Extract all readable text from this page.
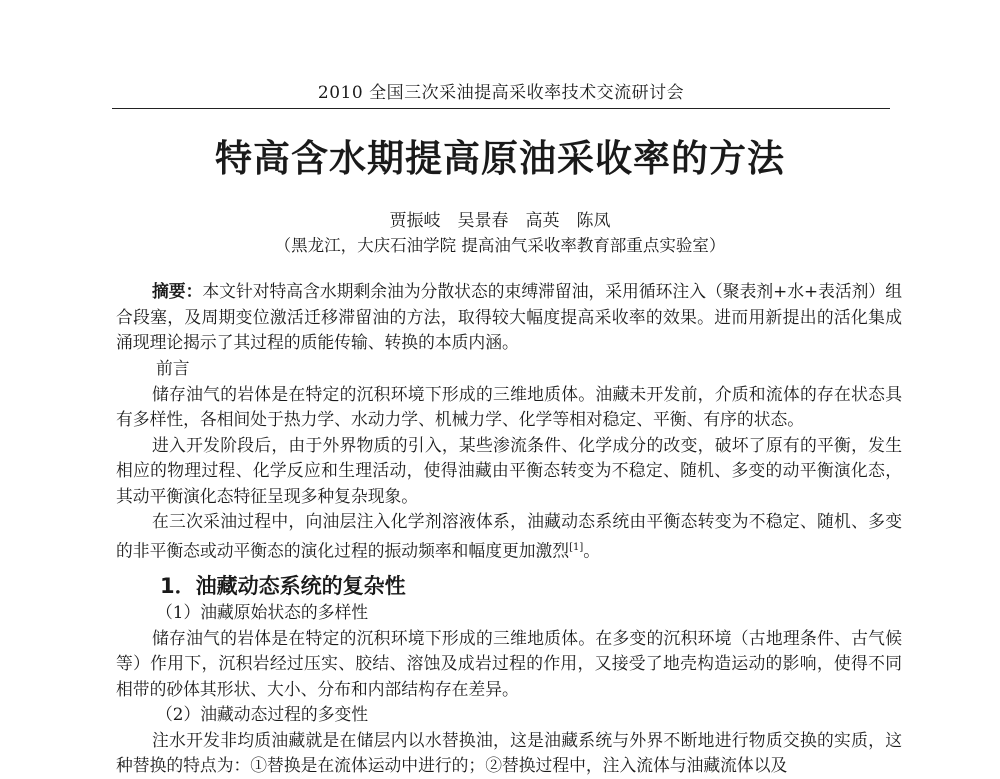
2010 全国三次采油提高采收率技术交流研讨会
特高含水期提高原油采收率的方法
贾振岐　吴景春　高英　陈凤
（黑龙江，大庆石油学院 提高油气采收率教育部重点实验室）
摘要：本文针对特高含水期剩余油为分散状态的束缚滞留油，采用循环注入（聚表剂+水+表活剂）组合段塞，及周期变位激活迁移滞留油的方法，取得较大幅度提高采收率的效果。进而用新提出的活化集成涌现理论揭示了其过程的质能传输、转换的本质内涵。

前言

储存油气的岩体是在特定的沉积环境下形成的三维地质体。油藏未开发前，介质和流体的存在状态具有多样性，各相间处于热力学、水动力学、机械力学、化学等相对稳定、平衡、有序的状态。

进入开发阶段后，由于外界物质的引入，某些渗流条件、化学成分的改变，破坏了原有的平衡，发生相应的物理过程、化学反应和生理活动，使得油藏由平衡态转变为不稳定、随机、多变的动平衡演化态，其动平衡演化态特征呈现多种复杂现象。

在三次采油过程中，向油层注入化学剂溶液体系，油藏动态系统由平衡态转变为不稳定、随机、多变的非平衡态或动平衡态的演化过程的振动频率和幅度更加激烈[1]。

1．油藏动态系统的复杂性

（1）油藏原始状态的多样性

储存油气的岩体是在特定的沉积环境下形成的三维地质体。在多变的沉积环境（古地理条件、古气候等）作用下，沉积岩经过压实、胶结、溶蚀及成岩过程的作用，又接受了地壳构造运动的影响，使得不同相带的砂体其形状、大小、分布和内部结构存在差异。

（2）油藏动态过程的多变性

注水开发非均质油藏就是在储层内以水替换油，这是油藏系统与外界不断地进行物质交换的实质，这种替换的特点为：①替换是在流体运动中进行的；②替换过程中，注入流体与油藏流体以及
